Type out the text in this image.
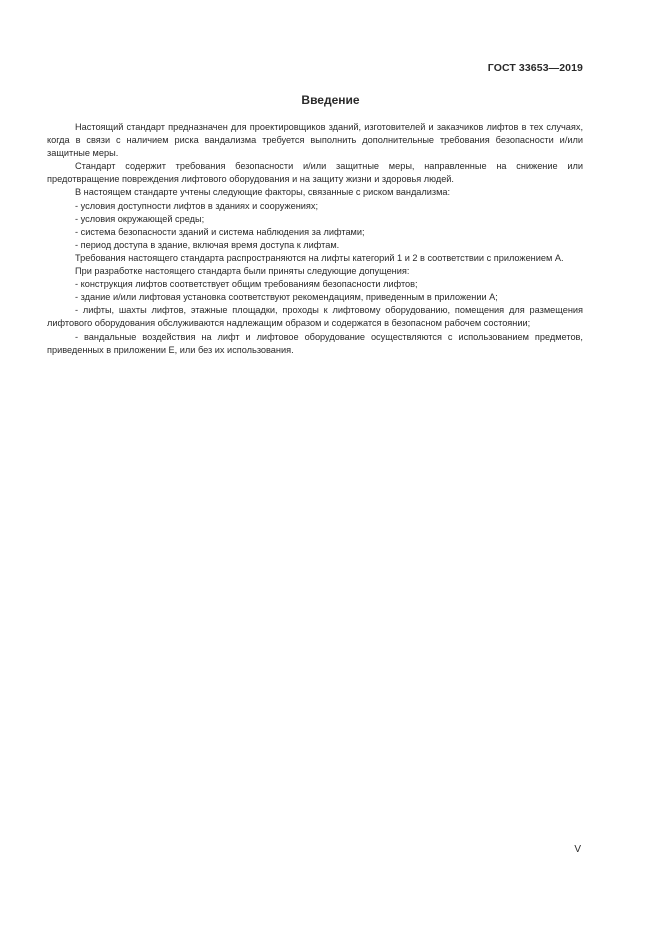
ГОСТ 33653—2019
Введение

Настоящий стандарт предназначен для проектировщиков зданий, изготовителей и заказчиков лифтов в тех случаях, когда в связи с наличием риска вандализма требуется выполнить дополнительные требования безопасности и/или защитные меры.

Стандарт содержит требования безопасности и/или защитные меры, направленные на снижение или предотвращение повреждения лифтового оборудования и на защиту жизни и здоровья людей.

В настоящем стандарте учтены следующие факторы, связанные с риском вандализма:

- условия доступности лифтов в зданиях и сооружениях;

- условия окружающей среды;

- система безопасности зданий и система наблюдения за лифтами;

- период доступа в здание, включая время доступа к лифтам.

Требования настоящего стандарта распространяются на лифты категорий 1 и 2 в соответствии с приложением А.

При разработке настоящего стандарта были приняты следующие допущения:

- конструкция лифтов соответствует общим требованиям безопасности лифтов;

- здание и/или лифтовая установка соответствуют рекомендациям, приведенным в приложении А;

- лифты, шахты лифтов, этажные площадки, проходы к лифтовому оборудованию, помещения для размещения лифтового оборудования обслуживаются надлежащим образом и содержатся в безопасном рабочем состоянии;

- вандальные воздействия на лифт и лифтовое оборудование осуществляются с использованием предметов, приведенных в приложении Е, или без их использования.

V
